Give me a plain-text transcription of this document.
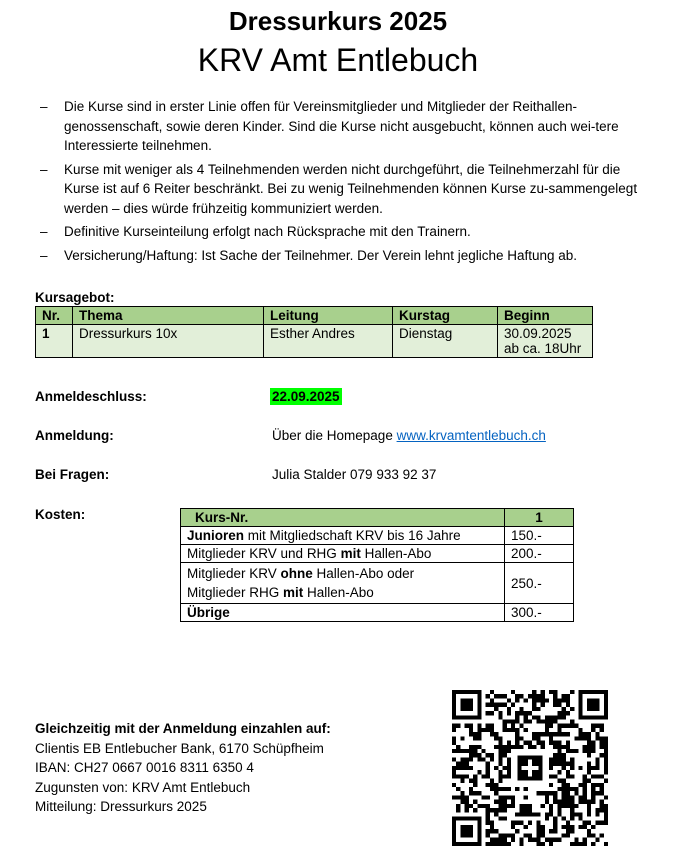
Dressurkurs 2025
KRV Amt Entlebuch
– Die Kurse sind in erster Linie offen für Vereinsmitglieder und Mitglieder der Reithallen-genossenschaft, sowie deren Kinder. Sind die Kurse nicht ausgebucht, können auch wei-tere Interessierte teilnehmen.
– Kurse mit weniger als 4 Teilnehmenden werden nicht durchgeführt, die Teilnehmerzahl für die Kurse ist auf 6 Reiter beschränkt. Bei zu wenig Teilnehmenden können Kurse zu-sammengelegt werden – dies würde frühzeitig kommuniziert werden.
– Definitive Kurseinteilung erfolgt nach Rücksprache mit den Trainern.
– Versicherung/Haftung: Ist Sache der Teilnehmer. Der Verein lehnt jegliche Haftung ab.
Kursagebot:
Nr.	Thema	Leitung	Kurstag	Beginn
1	Dressurkurs 10x	Esther Andres	Dienstag	30.09.2025
ab ca. 18Uhr
Anmeldeschluss:	22.09.2025
Anmeldung:	Über die Homepage www.krvamtentlebuch.ch
Bei Fragen:	Julia Stalder 079 933 92 37
Kosten:	Kurs-Nr.	1
Junioren mit Mitgliedschaft KRV bis 16 Jahre	150.-
Mitglieder KRV und RHG mit Hallen-Abo	200.-
Mitglieder KRV ohne Hallen-Abo oder
Mitglieder RHG mit Hallen-Abo	250.-
Übrige	300.-
Gleichzeitig mit der Anmeldung einzahlen auf:
Clientis EB Entlebucher Bank, 6170 Schüpfheim
IBAN: CH27 0667 0016 8311 6350 4
Zugunsten von: KRV Amt Entlebuch
Mitteilung: Dressurkurs 2025
